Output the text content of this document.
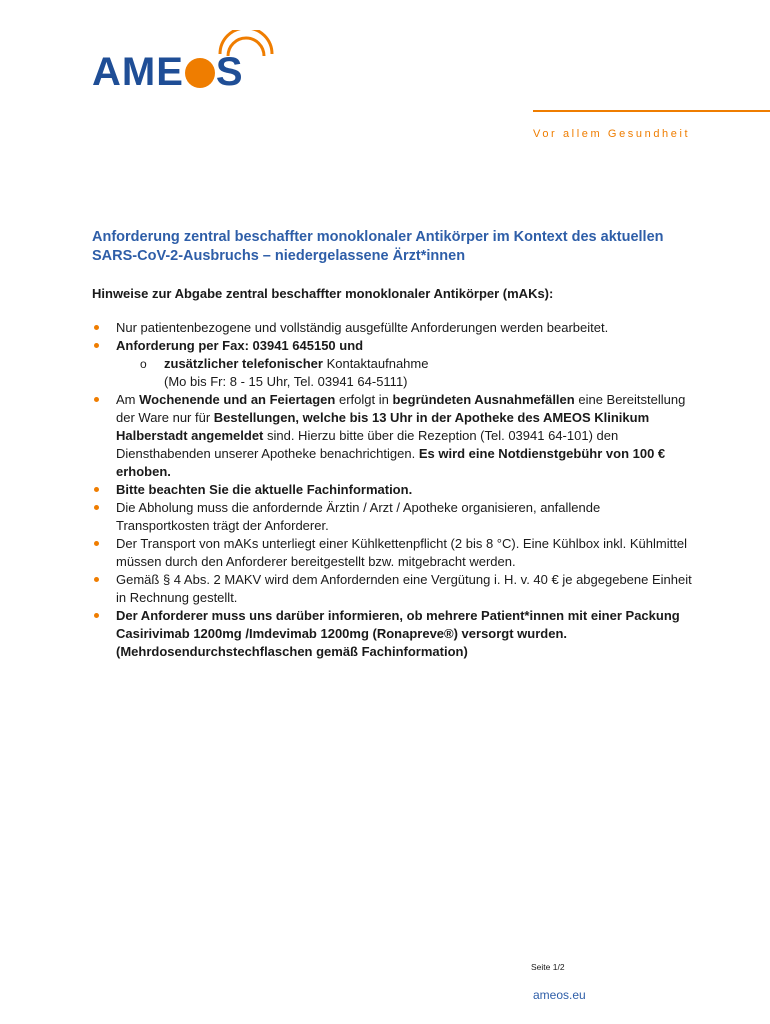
AME S
Vor allem Gesundheit
Anforderung zentral beschaffter monoklonaler Antikörper im Kontext des aktuellen SARS-CoV-2-Ausbruchs – niedergelassene Ärzt*innen
Hinweise zur Abgabe zentral beschaffter monoklonaler Antikörper (mAKs):
Nur patientenbezogene und vollständig ausgefüllte Anforderungen werden bearbeitet.
Anforderung per Fax: 03941 645150 und
o zusätzlicher telefonischer Kontaktaufnahme
(Mo bis Fr: 8 - 15 Uhr, Tel. 03941 64-5111)
Am Wochenende und an Feiertagen erfolgt in begründeten Ausnahmefällen eine Bereitstellung der Ware nur für Bestellungen, welche bis 13 Uhr in der Apotheke des AMEOS Klinikum Halberstadt angemeldet sind. Hierzu bitte über die Rezeption (Tel. 03941 64-101) den Diensthabenden unserer Apotheke benachrichtigen. Es wird eine Notdienstgebühr von 100 € erhoben.
Bitte beachten Sie die aktuelle Fachinformation.
Die Abholung muss die anfordernde Ärztin / Arzt / Apotheke organisieren, anfallende Transportkosten trägt der Anforderer.
Der Transport von mAKs unterliegt einer Kühlkettenpflicht (2 bis 8 °C). Eine Kühlbox inkl. Kühlmittel müssen durch den Anforderer bereitgestellt bzw. mitgebracht werden.
Gemäß § 4 Abs. 2 MAKV wird dem Anfordernden eine Vergütung i. H. v. 40 € je abgegebene Einheit in Rechnung gestellt.
Der Anforderer muss uns darüber informieren, ob mehrere Patient*innen mit einer Packung Casirivimab 1200mg /Imdevimab 1200mg (Ronapreve®) versorgt wurden. (Mehrdosendurchstechflaschen gemäß Fachinformation)
Seite 1/2
ameos.eu
